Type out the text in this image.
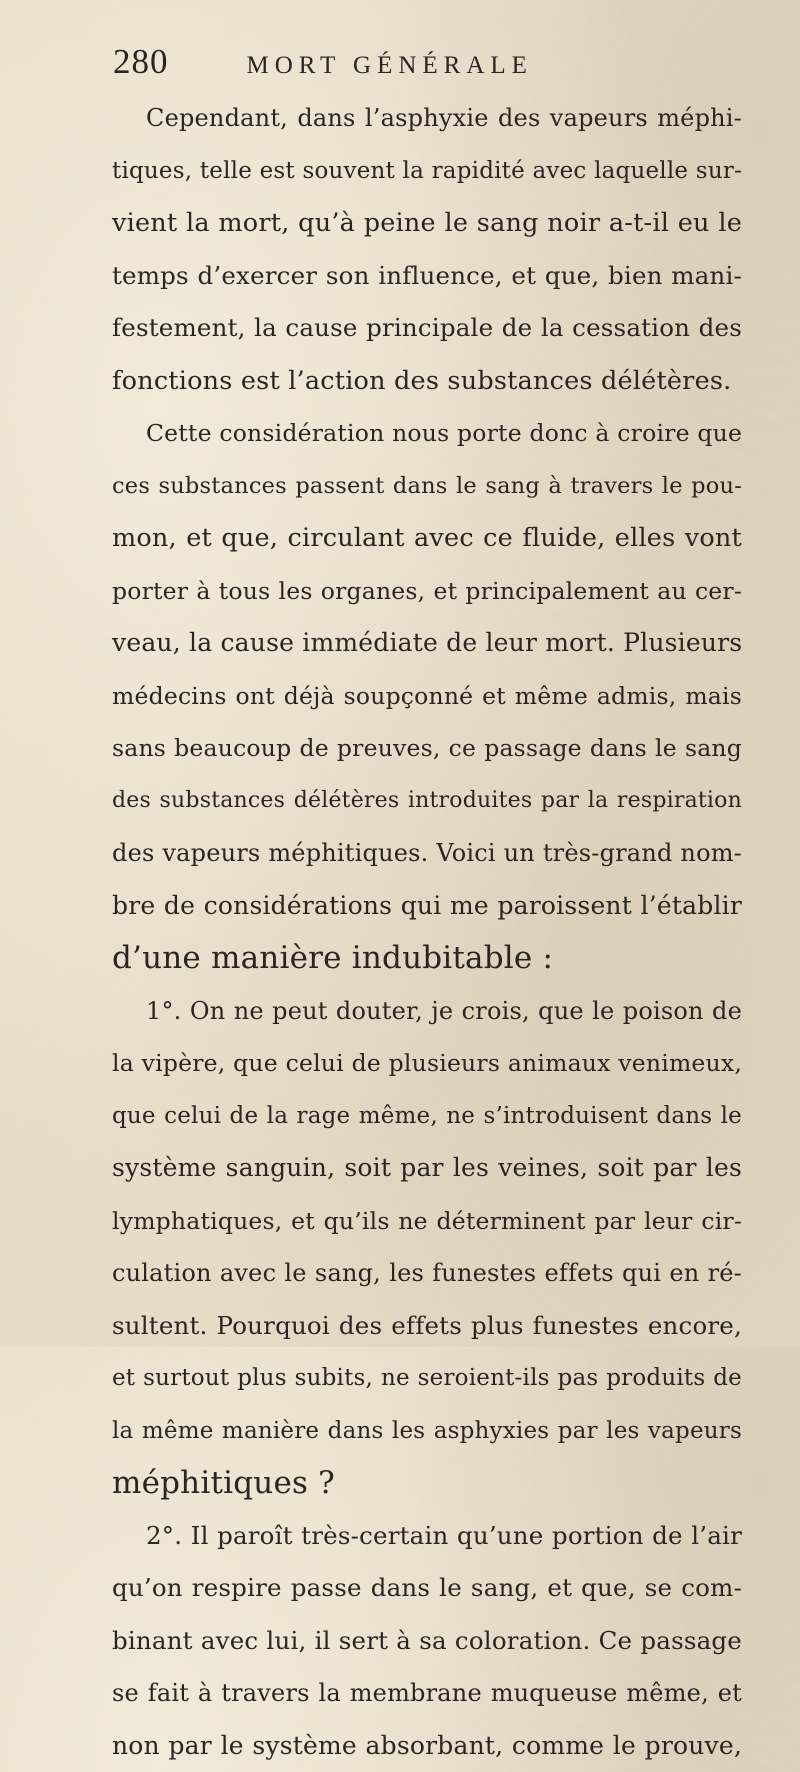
280	MORT GÉNÉRALE
Cependant, dans l’asphyxie des vapeurs méphi-
tiques, telle est souvent la rapidité avec laquelle sur-
vient la mort, qu’à peine le sang noir a-t-il eu le
temps d’exercer son influence, et que, bien mani-
festement, la cause principale de la cessation des
fonctions est l’action des substances délétères.
Cette considération nous porte donc à croire que
ces substances passent dans le sang à travers le pou-
mon, et que, circulant avec ce fluide, elles vont
porter à tous les organes, et principalement au cer-
veau, la cause immédiate de leur mort. Plusieurs
médecins ont déjà soupçonné et même admis, mais
sans beaucoup de preuves, ce passage dans le sang
des substances délétères introduites par la respiration
des vapeurs méphitiques. Voici un très-grand nom-
bre de considérations qui me paroissent l’établir
d’une manière indubitable :
1°. On ne peut douter, je crois, que le poison de
la vipère, que celui de plusieurs animaux venimeux,
que celui de la rage même, ne s’introduisent dans le
système sanguin, soit par les veines, soit par les
lymphatiques, et qu’ils ne déterminent par leur cir-
culation avec le sang, les funestes effets qui en ré-
sultent. Pourquoi des effets plus funestes encore,
et surtout plus subits, ne seroient-ils pas produits de
la même manière dans les asphyxies par les vapeurs
méphitiques ?
2°. Il paroît très-certain qu’une portion de l’air
qu’on respire passe dans le sang, et que, se com-
binant avec lui, il sert à sa coloration. Ce passage
se fait à travers la membrane muqueuse même, et
non par le système absorbant, comme le prouve,
